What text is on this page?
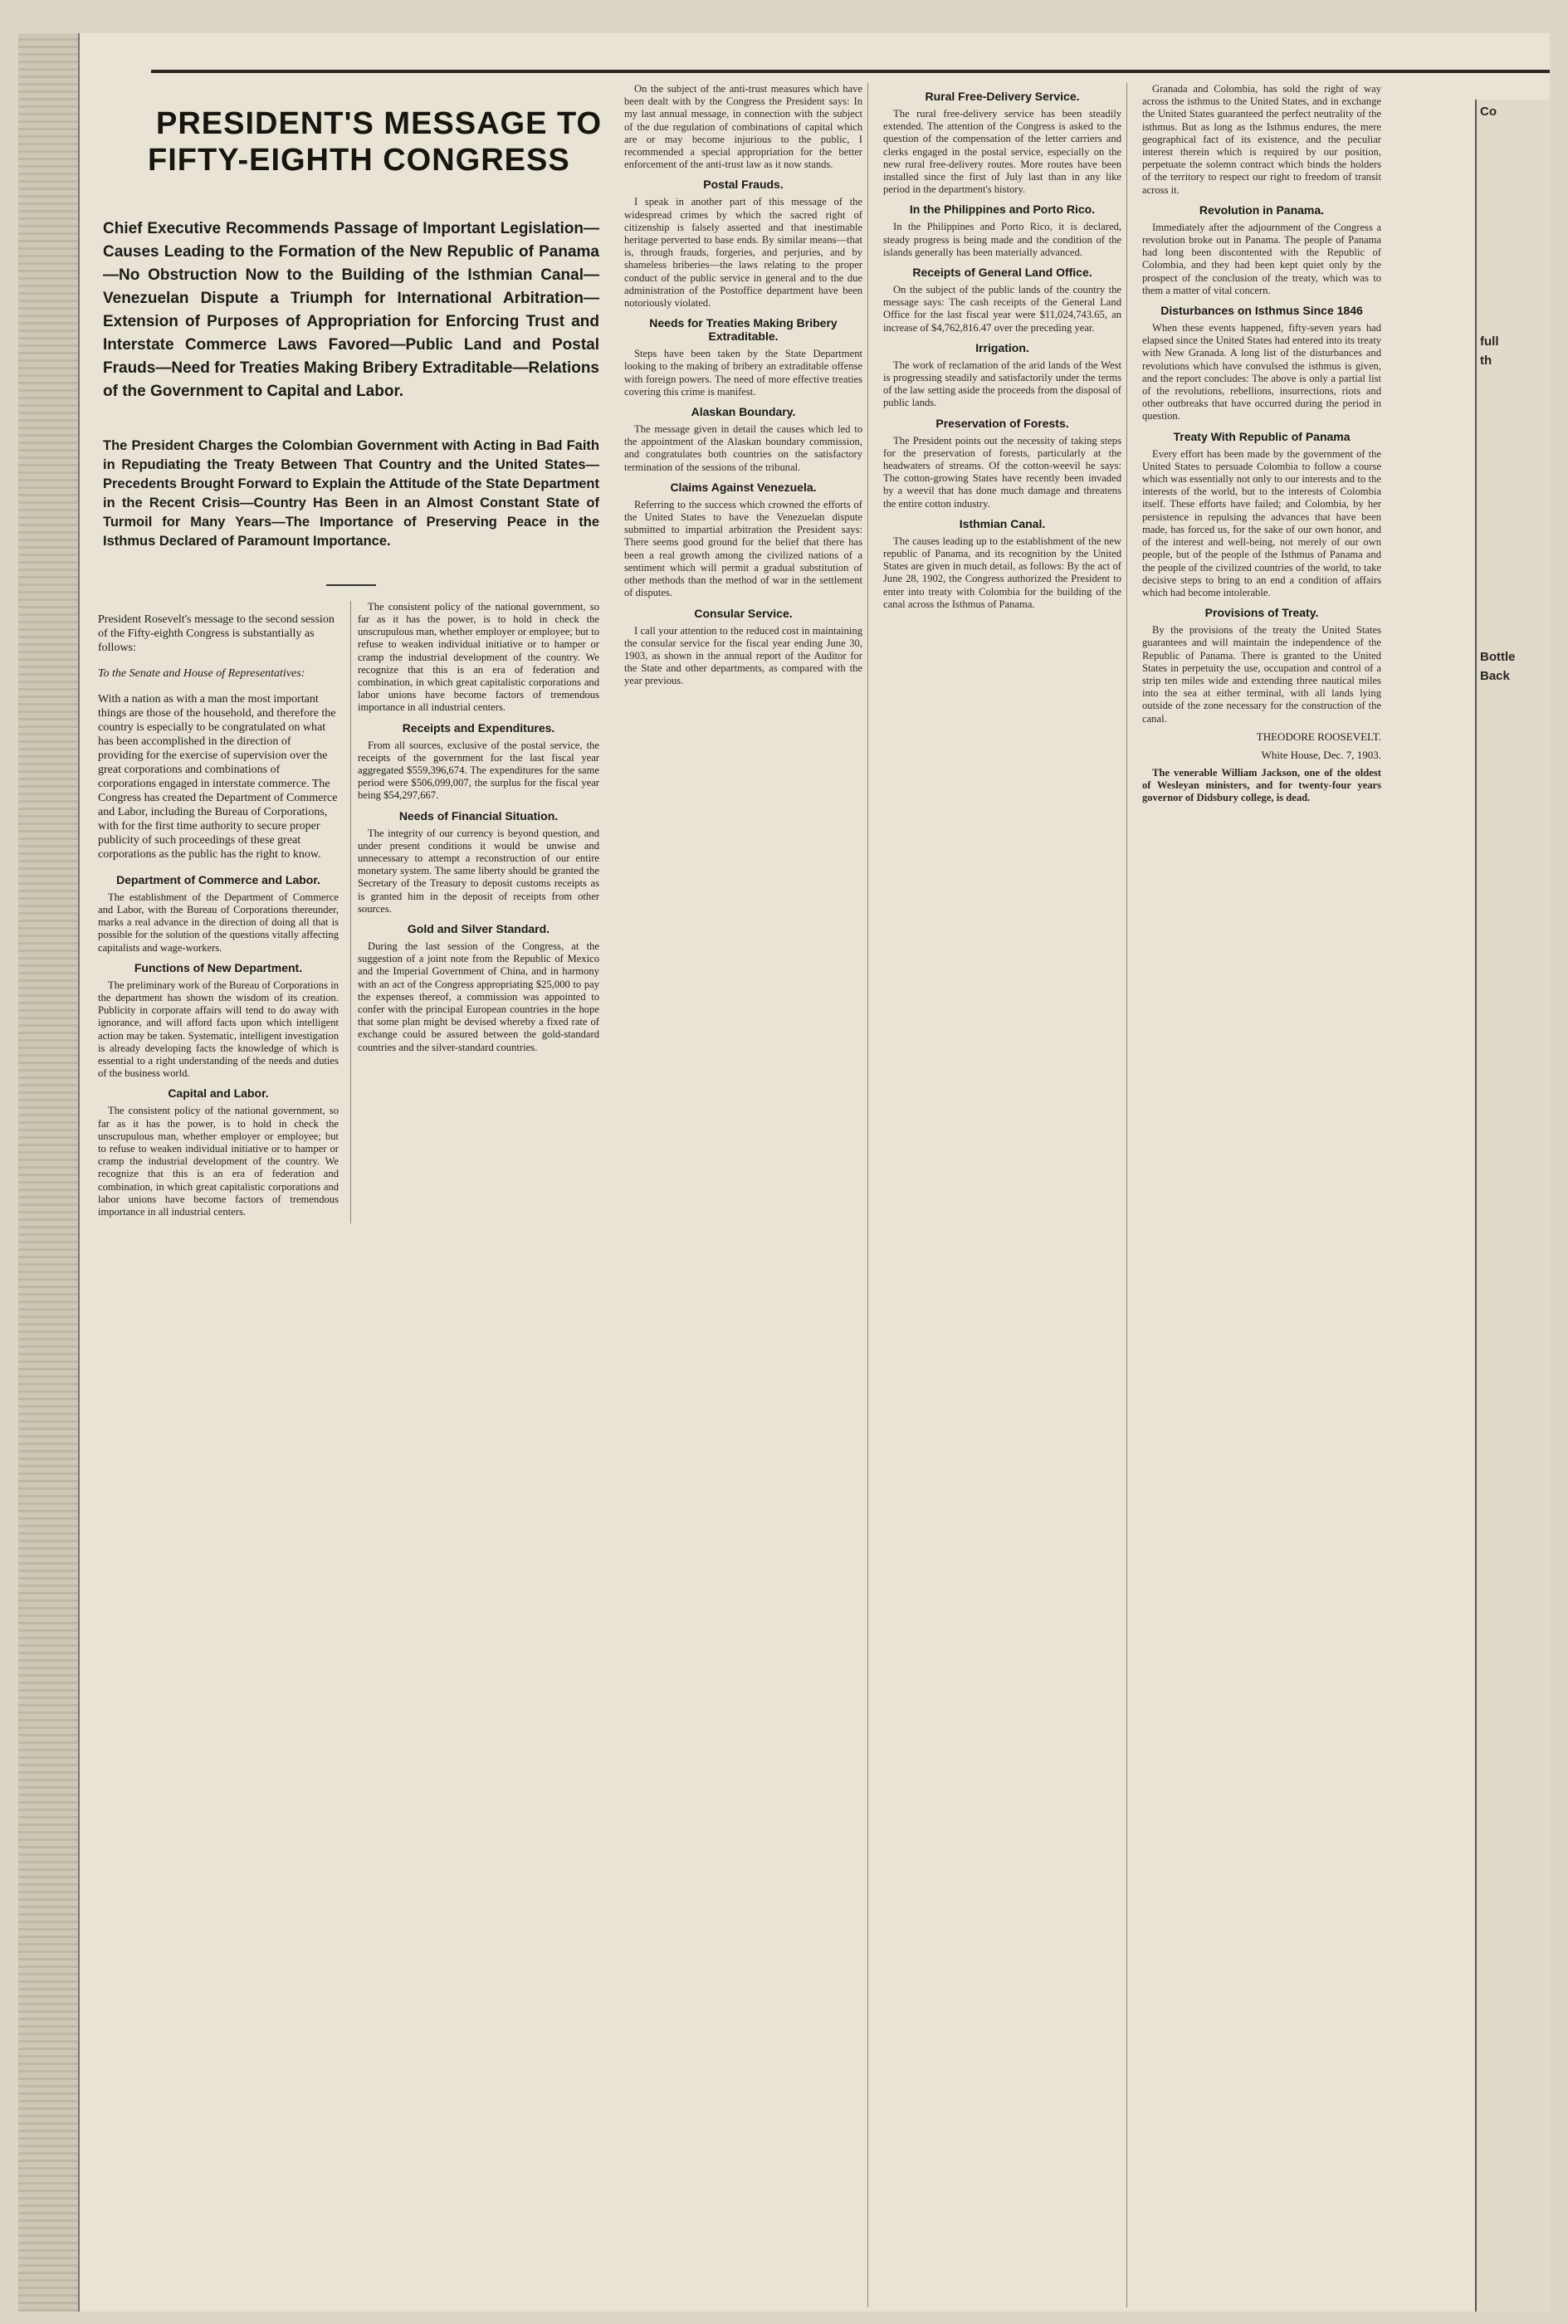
Co
full
th
Bottle
Back

On the subject of the anti-trust measures which have been dealt with by the Congress the President says: In my last annual message, in connection with the subject of the due regulation of combinations of capital which are or may become injurious to the public, I recommended a special appropriation for the better enforcement of the anti-trust law as it now stands.

Postal Frauds.

I speak in another part of this message of the widespread crimes by which the sacred right of citizenship is falsely asserted and that inestimable heritage perverted to base ends. By similar means—that is, through frauds, forgeries, and perjuries, and by shameless briberies—the laws relating to the proper conduct of the public service in general and to the due administration of the Postoffice department have been notoriously violated.

Needs for Treaties Making Bribery Extraditable.

Steps have been taken by the State Department looking to the making of bribery an extraditable offense with foreign powers. The need of more effective treaties covering this crime is manifest.

Alaskan Boundary.

The message given in detail the causes which led to the appointment of the Alaskan boundary commission, and congratulates both countries on the satisfactory termination of the sessions of the tribunal.

Claims Against Venezuela.

Referring to the success which crowned the efforts of the United States to have the Venezuelan dispute submitted to impartial arbitration the President says: There seems good ground for the belief that there has been a real growth among the civilized nations of a sentiment which will permit a gradual substitution of other methods than the method of war in the settlement of disputes.

Consular Service.

I call your attention to the reduced cost in maintaining the consular service for the fiscal year ending June 30, 1903, as shown in the annual report of the Auditor for the State and other departments, as compared with the year previous.

Rural Free-Delivery Service.

The rural free-delivery service has been steadily extended. The attention of the Congress is asked to the question of the compensation of the letter carriers and clerks engaged in the postal service, especially on the new rural free-delivery routes. More routes have been installed since the first of July last than in any like period in the department's history.

In the Philippines and Porto Rico.

In the Philippines and Porto Rico, it is declared, steady progress is being made and the condition of the islands generally has been materially advanced.

Receipts of General Land Office.

On the subject of the public lands of the country the message says: The cash receipts of the General Land Office for the last fiscal year were $11,024,743.65, an increase of $4,762,816.47 over the preceding year.

Irrigation.

The work of reclamation of the arid lands of the West is progressing steadily and satisfactorily under the terms of the law setting aside the proceeds from the disposal of public lands.

Preservation of Forests.

The President points out the necessity of taking steps for the preservation of forests, particularly at the headwaters of streams. Of the cotton-weevil he says: The cotton-growing States have recently been invaded by a weevil that has done much damage and threatens the entire cotton industry.

Isthmian Canal.

The causes leading up to the establishment of the new republic of Panama, and its recognition by the United States are given in much detail, as follows: By the act of June 28, 1902, the Congress authorized the President to enter into treaty with Colombia for the building of the canal across the Isthmus of Panama.

Granada and Colombia, has sold the right of way across the isthmus to the United States, and in exchange the United States guaranteed the perfect neutrality of the isthmus. But as long as the Isthmus endures, the mere geographical fact of its existence, and the peculiar interest therein which is required by our position, perpetuate the solemn contract which binds the holders of the territory to respect our right to freedom of transit across it.

Revolution in Panama.

Immediately after the adjournment of the Congress a revolution broke out in Panama. The people of Panama had long been discontented with the Republic of Colombia, and they had been kept quiet only by the prospect of the conclusion of the treaty, which was to them a matter of vital concern.

Disturbances on Isthmus Since 1846

When these events happened, fifty-seven years had elapsed since the United States had entered into its treaty with New Granada. A long list of the disturbances and revolutions which have convulsed the isthmus is given, and the report concludes: The above is only a partial list of the revolutions, rebellions, insurrections, riots and other outbreaks that have occurred during the period in question.

Treaty With Republic of Panama

Every effort has been made by the government of the United States to persuade Colombia to follow a course which was essentially not only to our interests and to the interests of the world, but to the interests of Colombia itself. These efforts have failed; and Colombia, by her persistence in repulsing the advances that have been made, has forced us, for the sake of our own honor, and of the interest and well-being, not merely of our own people, but of the people of the Isthmus of Panama and the people of the civilized countries of the world, to take decisive steps to bring to an end a condition of affairs which had become intolerable.

Provisions of Treaty.

By the provisions of the treaty the United States guarantees and will maintain the independence of the Republic of Panama. There is granted to the United States in perpetuity the use, occupation and control of a strip ten miles wide and extending three nautical miles into the sea at either terminal, with all lands lying outside of the zone necessary for the construction of the canal.

THEODORE ROOSEVELT.
White House, Dec. 7, 1903.

The venerable William Jackson, one of the oldest of Wesleyan ministers, and for twenty-four years governor of Didsbury college, is dead.

PRESIDENT'S MESSAGE TO
FIFTY-EIGHTH CONGRESS
Chief Executive Recommends Passage of Important Legislation—Causes Leading to the Formation of the New Republic of Panama—No Obstruction Now to the Building of the Isthmian Canal—Venezuelan Dispute a Triumph for International Arbitration—Extension of Purposes of Appropriation for Enforcing Trust and Interstate Commerce Laws Favored—Public Land and Postal Frauds—Need for Treaties Making Bribery Extraditable—Relations of the Government to Capital and Labor.
The President Charges the Colombian Government with Acting in Bad Faith in Repudiating the Treaty Between That Country and the United States—Precedents Brought Forward to Explain the Attitude of the State Department in the Recent Crisis—Country Has Been in an Almost Constant State of Turmoil for Many Years—The Importance of Preserving Peace in the Isthmus Declared of Paramount Importance.

President Rosevelt's message to the second session of the Fifty-eighth Congress is substantially as follows:

To the Senate and House of Representatives:

With a nation as with a man the most important things are those of the household, and therefore the country is especially to be congratulated on what has been accomplished in the direction of providing for the exercise of supervision over the great corporations and combinations of corporations engaged in interstate commerce. The Congress has created the Department of Commerce and Labor, including the Bureau of Corporations, with for the first time authority to secure proper publicity of such proceedings of these great corporations as the public has the right to know.

Department of Commerce and Labor.

The establishment of the Department of Commerce and Labor, with the Bureau of Corporations thereunder, marks a real advance in the direction of doing all that is possible for the solution of the questions vitally affecting capitalists and wage-workers.

Functions of New Department.

The preliminary work of the Bureau of Corporations in the department has shown the wisdom of its creation. Publicity in corporate affairs will tend to do away with ignorance, and will afford facts upon which intelligent action may be taken. Systematic, intelligent investigation is already developing facts the knowledge of which is essential to a right understanding of the needs and duties of the business world.

Capital and Labor.

The consistent policy of the national government, so far as it has the power, is to hold in check the unscrupulous man, whether employer or employee; but to refuse to weaken individual initiative or to hamper or cramp the industrial development of the country. We recognize that this is an era of federation and combination, in which great capitalistic corporations and labor unions have become factors of tremendous importance in all industrial centers.

The consistent policy of the national government, so far as it has the power, is to hold in check the unscrupulous man, whether employer or employee; but to refuse to weaken individual initiative or to hamper or cramp the industrial development of the country. We recognize that this is an era of federation and combination, in which great capitalistic corporations and labor unions have become factors of tremendous importance in all industrial centers.

Receipts and Expenditures.

From all sources, exclusive of the postal service, the receipts of the government for the last fiscal year aggregated $559,396,674. The expenditures for the same period were $506,099,007, the surplus for the fiscal year being $54,297,667.

Needs of Financial Situation.

The integrity of our currency is beyond question, and under present conditions it would be unwise and unnecessary to attempt a reconstruction of our entire monetary system. The same liberty should be granted the Secretary of the Treasury to deposit customs receipts as is granted him in the deposit of receipts from other sources.

Gold and Silver Standard.

During the last session of the Congress, at the suggestion of a joint note from the Republic of Mexico and the Imperial Government of China, and in harmony with an act of the Congress appropriating $25,000 to pay the expenses thereof, a commission was appointed to confer with the principal European countries in the hope that some plan might be devised whereby a fixed rate of exchange could be assured between the gold-standard countries and the silver-standard countries.
